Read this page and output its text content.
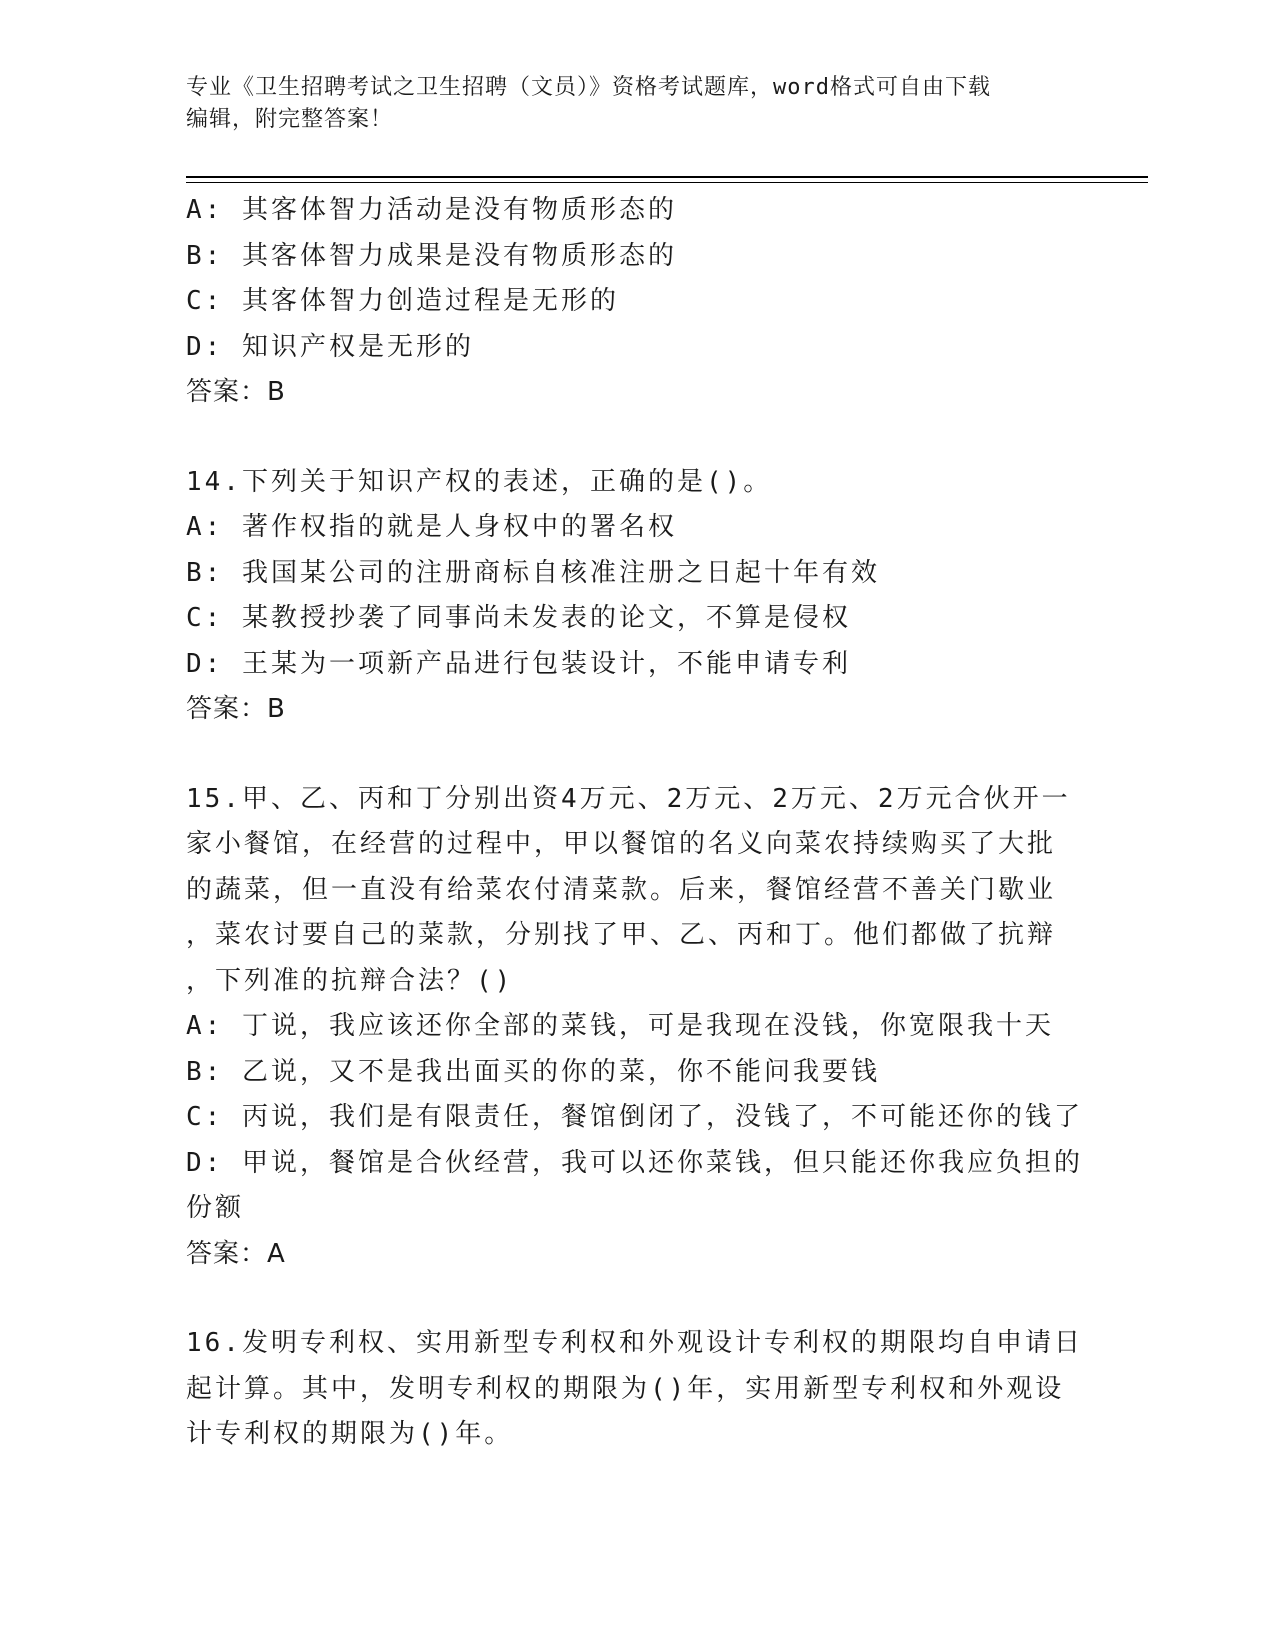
专业《卫生招聘考试之卫生招聘（文员）》资格考试题库，word格式可自由下载
编辑，附完整答案！
A: 其客体智力活动是没有物质形态的
B: 其客体智力成果是没有物质形态的
C: 其客体智力创造过程是无形的
D: 知识产权是无形的
答案：B
14.下列关于知识产权的表述，正确的是()。
A: 著作权指的就是人身权中的署名权
B: 我国某公司的注册商标自核准注册之日起十年有效
C: 某教授抄袭了同事尚未发表的论文，不算是侵权
D: 王某为一项新产品进行包装设计，不能申请专利
答案：B
15.甲、乙、丙和丁分别出资4万元、2万元、2万元、2万元合伙开一
家小餐馆，在经营的过程中，甲以餐馆的名义向菜农持续购买了大批
的蔬菜，但一直没有给菜农付清菜款。后来，餐馆经营不善关门歇业
，菜农讨要自己的菜款，分别找了甲、乙、丙和丁。他们都做了抗辩
，下列准的抗辩合法？()
A: 丁说，我应该还你全部的菜钱，可是我现在没钱，你宽限我十天
B: 乙说，又不是我出面买的你的菜，你不能问我要钱
C: 丙说，我们是有限责任，餐馆倒闭了，没钱了，不可能还你的钱了
D: 甲说，餐馆是合伙经营，我可以还你菜钱，但只能还你我应负担的
份额
答案：A
16.发明专利权、实用新型专利权和外观设计专利权的期限均自申请日
起计算。其中，发明专利权的期限为()年，实用新型专利权和外观设
计专利权的期限为()年。
